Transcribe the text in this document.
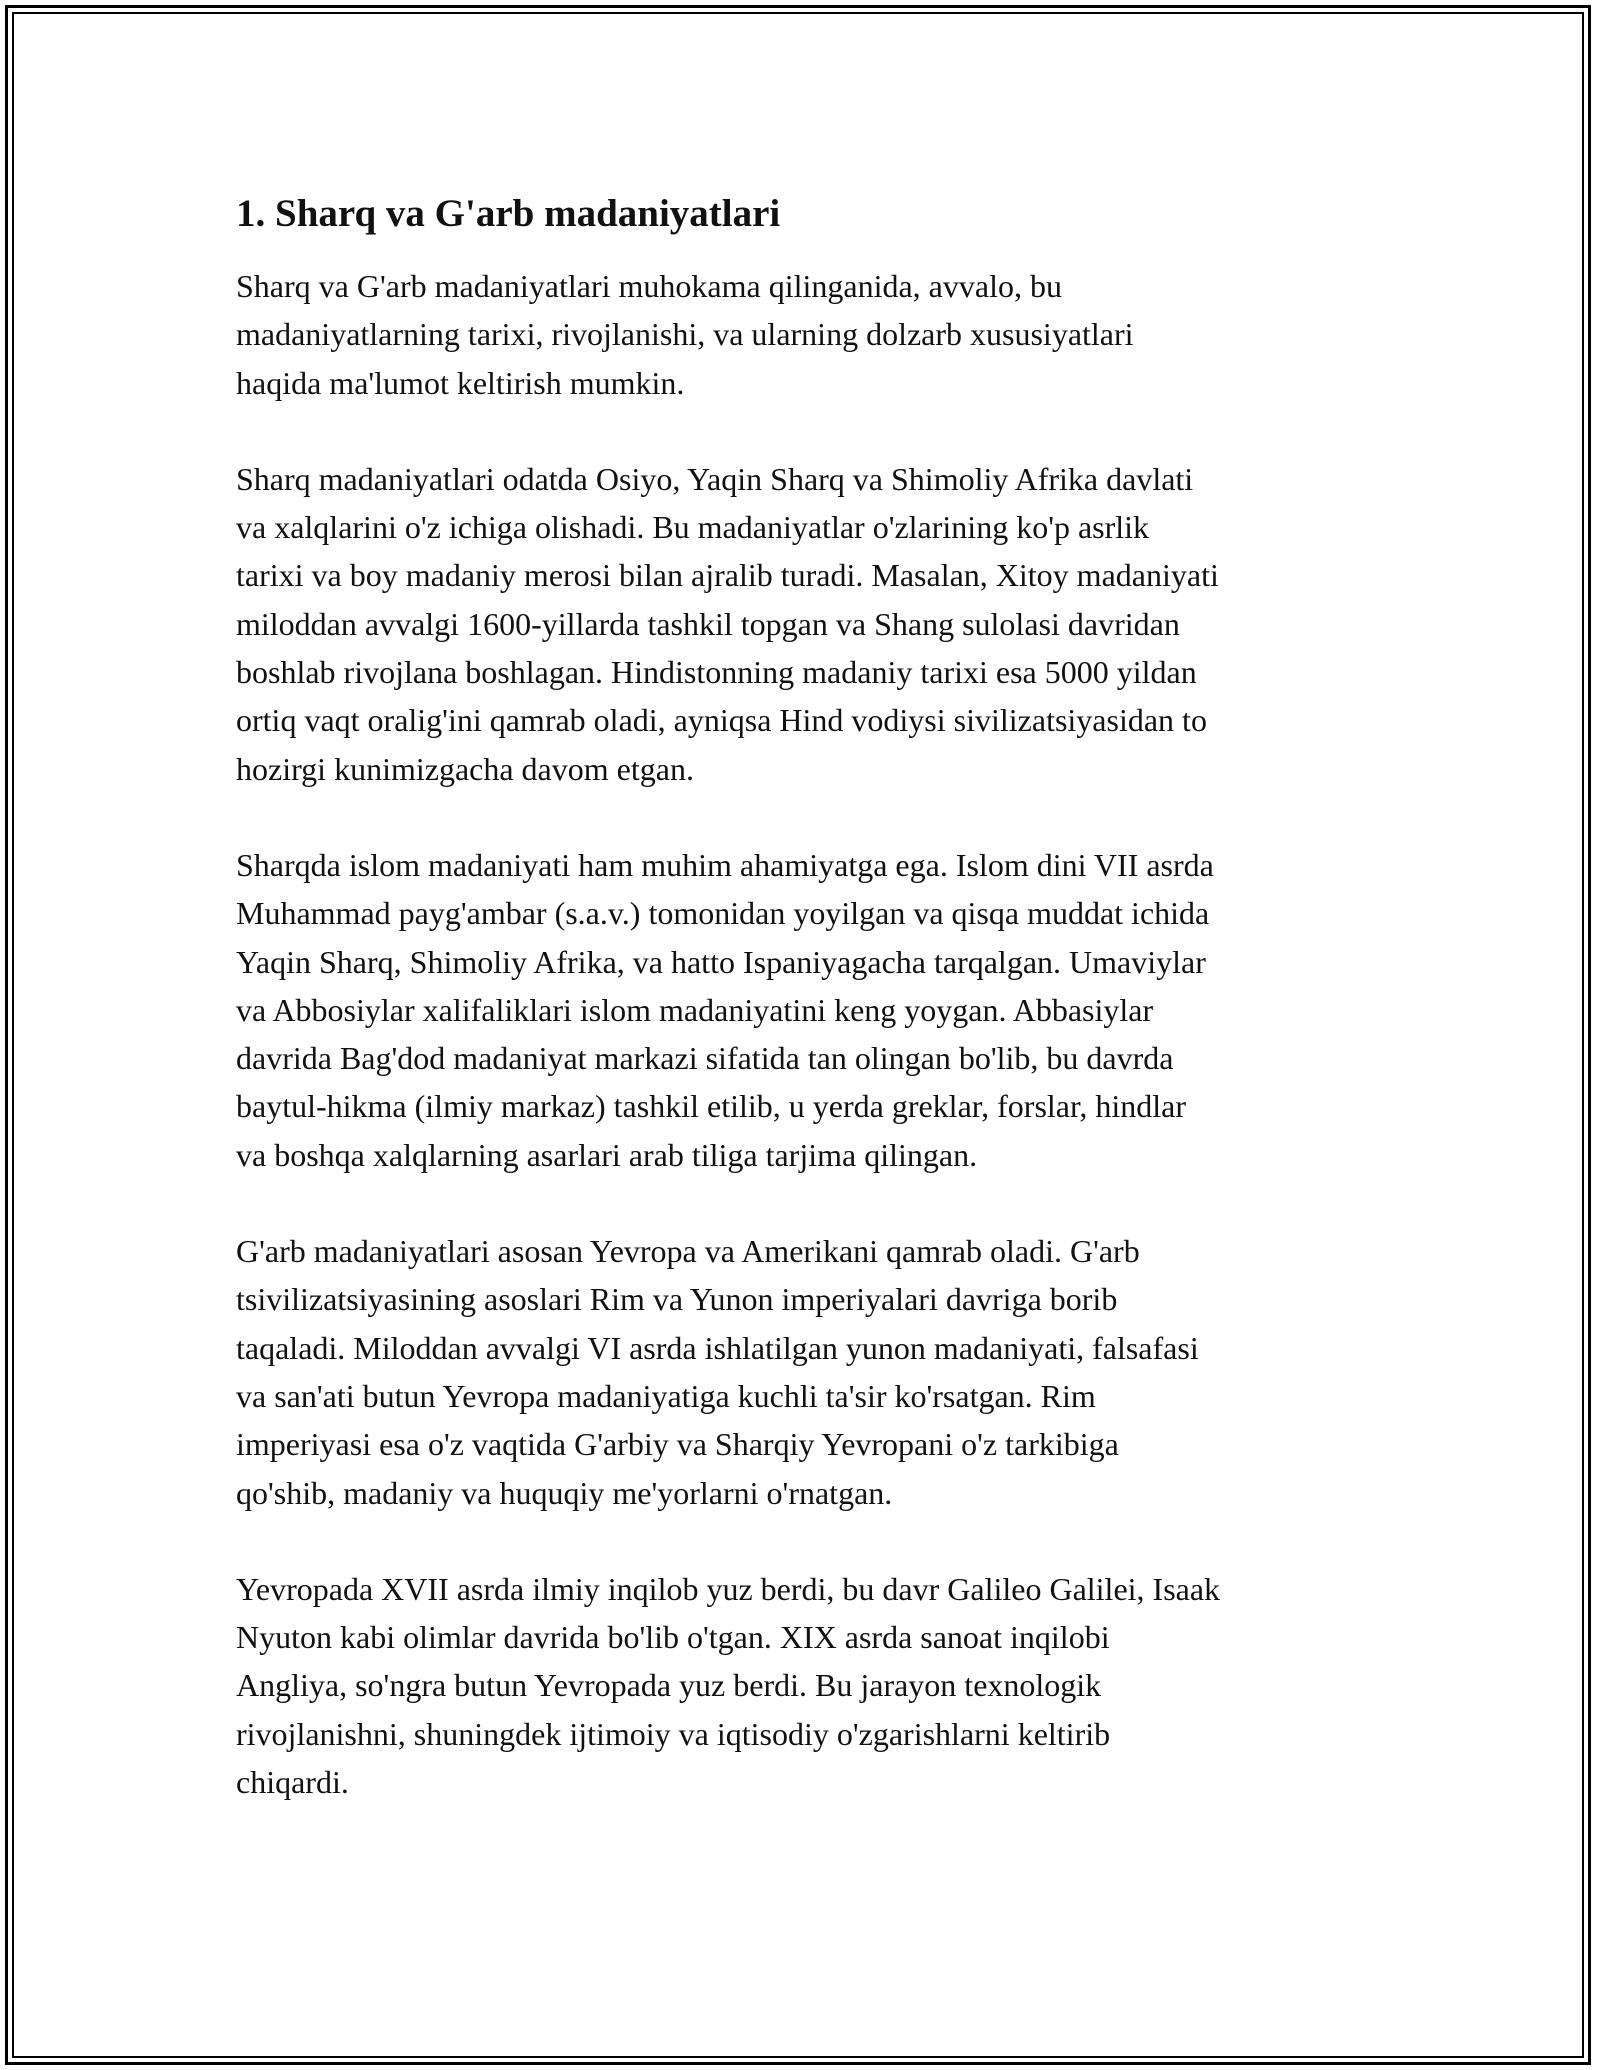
1. Sharq va G'arb madaniyatlari

Sharq va G'arb madaniyatlari muhokama qilinganida, avvalo, bu
madaniyatlarning tarixi, rivojlanishi, va ularning dolzarb xususiyatlari
haqida ma'lumot keltirish mumkin.

Sharq madaniyatlari odatda Osiyo, Yaqin Sharq va Shimoliy Afrika davlati
va xalqlarini o'z ichiga olishadi. Bu madaniyatlar o'zlarining ko'p asrlik
tarixi va boy madaniy merosi bilan ajralib turadi. Masalan, Xitoy madaniyati
miloddan avvalgi 1600-yillarda tashkil topgan va Shang sulolasi davridan
boshlab rivojlana boshlagan. Hindistonning madaniy tarixi esa 5000 yildan
ortiq vaqt oralig'ini qamrab oladi, ayniqsa Hind vodiysi sivilizatsiyasidan to
hozirgi kunimizgacha davom etgan.

Sharqda islom madaniyati ham muhim ahamiyatga ega. Islom dini VII asrda
Muhammad payg'ambar (s.a.v.) tomonidan yoyilgan va qisqa muddat ichida
Yaqin Sharq, Shimoliy Afrika, va hatto Ispaniyagacha tarqalgan. Umaviylar
va Abbosiylar xalifaliklari islom madaniyatini keng yoygan. Abbasiylar
davrida Bag'dod madaniyat markazi sifatida tan olingan bo'lib, bu davrda
baytul-hikma (ilmiy markaz) tashkil etilib, u yerda greklar, forslar, hindlar
va boshqa xalqlarning asarlari arab tiliga tarjima qilingan.

G'arb madaniyatlari asosan Yevropa va Amerikani qamrab oladi. G'arb
tsivilizatsiyasining asoslari Rim va Yunon imperiyalari davriga borib
taqaladi. Miloddan avvalgi VI asrda ishlatilgan yunon madaniyati, falsafasi
va san'ati butun Yevropa madaniyatiga kuchli ta'sir ko'rsatgan. Rim
imperiyasi esa o'z vaqtida G'arbiy va Sharqiy Yevropani o'z tarkibiga
qo'shib, madaniy va huquqiy me'yorlarni o'rnatgan.

Yevropada XVII asrda ilmiy inqilob yuz berdi, bu davr Galileo Galilei, Isaak
Nyuton kabi olimlar davrida bo'lib o'tgan. XIX asrda sanoat inqilobi
Angliya, so'ngra butun Yevropada yuz berdi. Bu jarayon texnologik
rivojlanishni, shuningdek ijtimoiy va iqtisodiy o'zgarishlarni keltirib
chiqardi.
